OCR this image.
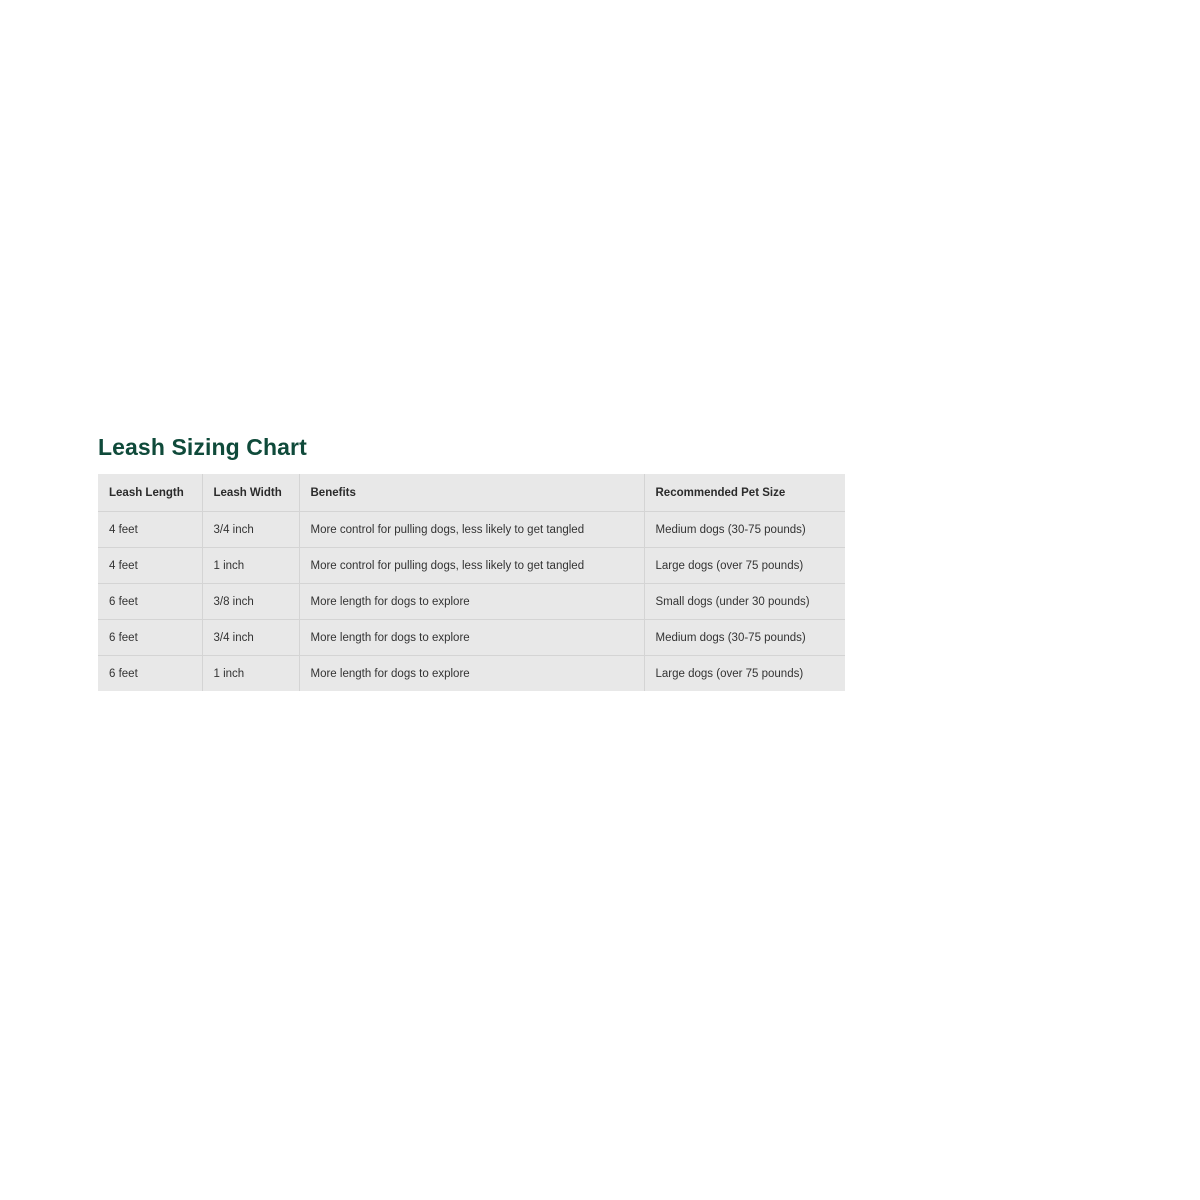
Leash Sizing Chart
Leash Length	Leash Width	Benefits	Recommended Pet Size
4 feet	3/4 inch	More control for pulling dogs, less likely to get tangled	Medium dogs (30-75 pounds)
4 feet	1 inch	More control for pulling dogs, less likely to get tangled	Large dogs (over 75 pounds)
6 feet	3/8 inch	More length for dogs to explore	Small dogs (under 30 pounds)
6 feet	3/4 inch	More length for dogs to explore	Medium dogs (30-75 pounds)
6 feet	1 inch	More length for dogs to explore	Large dogs (over 75 pounds)
